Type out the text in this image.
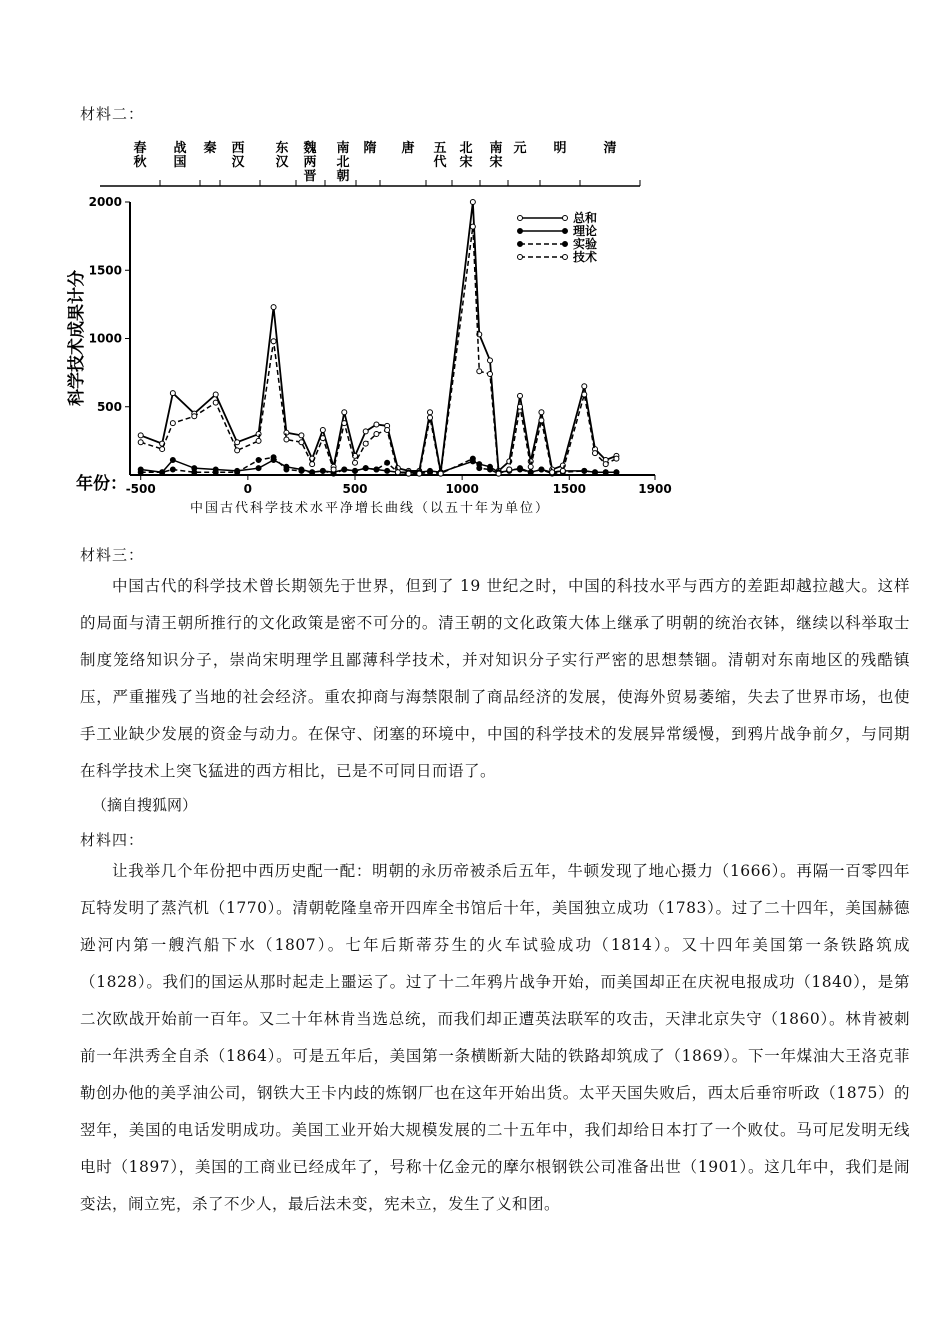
材料二：
春
秋
战
国
秦 西
汉
东
汉
魏
两
晋
南
北
朝
隋 唐 五
代
北
宋
南
宋
元 明	清
500
1000
1500
2000
-500	0	500	1000	1500	1900
总和
理论
实验
技术
科学技术成果计分
年份：
中国古代科学技术水平净增长曲线（以五十年为单位）
材料三：
中国古代的科学技术曾长期领先于世界，但到了 19 世纪之时，中国的科技水平与西方的差距却越拉越大。这样的局面与清王朝所推行的文化政策是密不可分的。清王朝的文化政策大体上继承了明朝的统治衣钵，继续以科举取士制度笼络知识分子，崇尚宋明理学且鄙薄科学技术，并对知识分子实行严密的思想禁锢。清朝对东南地区的残酷镇压，严重摧残了当地的社会经济。重农抑商与海禁限制了商品经济的发展，使海外贸易萎缩，失去了世界市场，也使手工业缺少发展的资金与动力。在保守、闭塞的环境中，中国的科学技术的发展异常缓慢，到鸦片战争前夕，与同期在科学技术上突飞猛进的西方相比，已是不可同日而语了。
（摘自搜狐网）
材料四：
让我举几个年份把中西历史配一配：明朝的永历帝被杀后五年，牛顿发现了地心摄力（1666）。再隔一百零四年瓦特发明了蒸汽机（1770）。清朝乾隆皇帝开四库全书馆后十年，美国独立成功（1783）。过了二十四年，美国赫德逊河内第一艘汽船下水（1807）。七年后斯蒂芬生的火车试验成功（1814）。又十四年美国第一条铁路筑成（1828）。我们的国运从那时起走上噩运了。过了十二年鸦片战争开始，而美国却正在庆祝电报成功（1840），是第二次欧战开始前一百年。又二十年林肯当选总统，而我们却正遭英法联军的攻击，天津北京失守（1860）。林肯被刺前一年洪秀全自杀（1864）。可是五年后，美国第一条横断新大陆的铁路却筑成了（1869）。下一年煤油大王洛克菲勒创办他的美孚油公司，钢铁大王卡内歧的炼钢厂也在这年开始出货。太平天国失败后，西太后垂帘听政（1875）的翌年，美国的电话发明成功。美国工业开始大规模发展的二十五年中，我们却给日本打了一个败仗。马可尼发明无线电时（1897），美国的工商业已经成年了，号称十亿金元的摩尔根钢铁公司准备出世（1901）。这几年中，我们是闹变法，闹立宪，杀了不少人，最后法未变，宪未立，发生了义和团。
